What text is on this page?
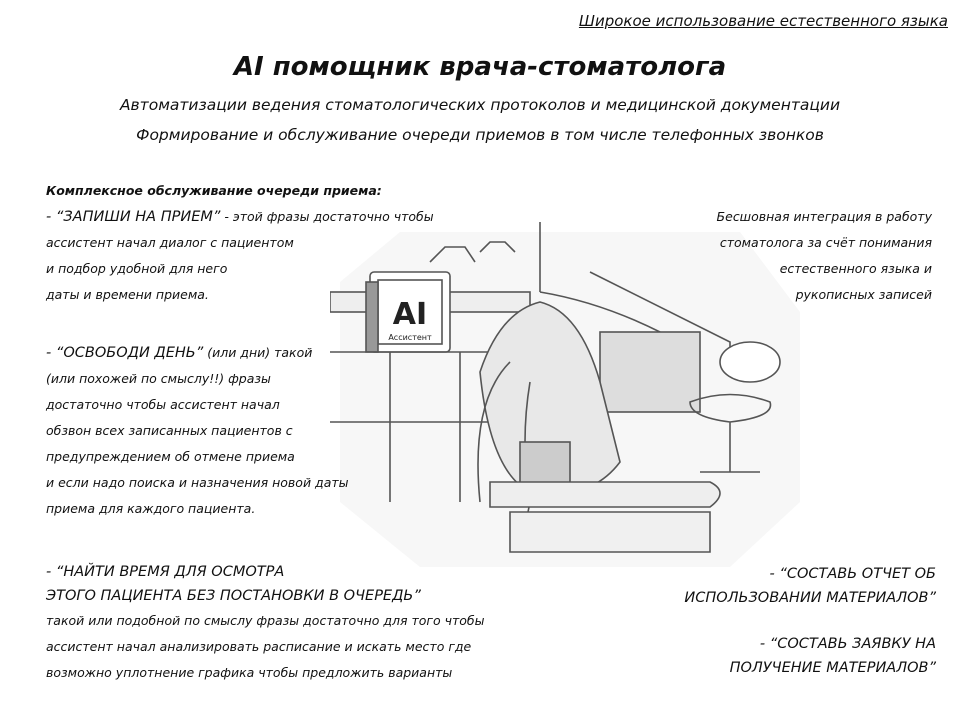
Широкое использование естественного языка
AI помощник врача-стоматолога
Автоматизации ведения стоматологических протоколов и медицинской документации
Формирование и обслуживание очереди приемов в том числе телефонных звонков
AI
Ассистент
Комплексное обслуживание очереди приема:
- “ЗАПИШИ НА ПРИЕМ” - этой фразы достаточно чтобы
ассистент начал диалог с пациентом
и подбор удобной для него
даты и времени приема.
- “ОСВОБОДИ ДЕНЬ” (или дни) такой
(или похожей по смыслу!!) фразы
достаточно чтобы ассистент начал
обзвон всех записанных пациентов с
предупреждением об отмене приема
и если надо поиска и назначения новой даты
приема для каждого пациента.
- “НАЙТИ ВРЕМЯ ДЛЯ ОСМОТРА
ЭТОГО ПАЦИЕНТА БЕЗ ПОСТАНОВКИ В ОЧЕРЕДЬ”
такой или подобной по смыслу фразы достаточно для того чтобы
ассистент начал анализировать расписание и искать место где
возможно уплотнение графика чтобы предложить варианты
Бесшовная интеграция в работу
стоматолога за счёт понимания
естественного языка и
рукописных записей
- “СОСТАВЬ ОТЧЕТ ОБ
ИСПОЛЬЗОВАНИИ МАТЕРИАЛОВ”
- “СОСТАВЬ ЗАЯВКУ НА
ПОЛУЧЕНИЕ МАТЕРИАЛОВ”
